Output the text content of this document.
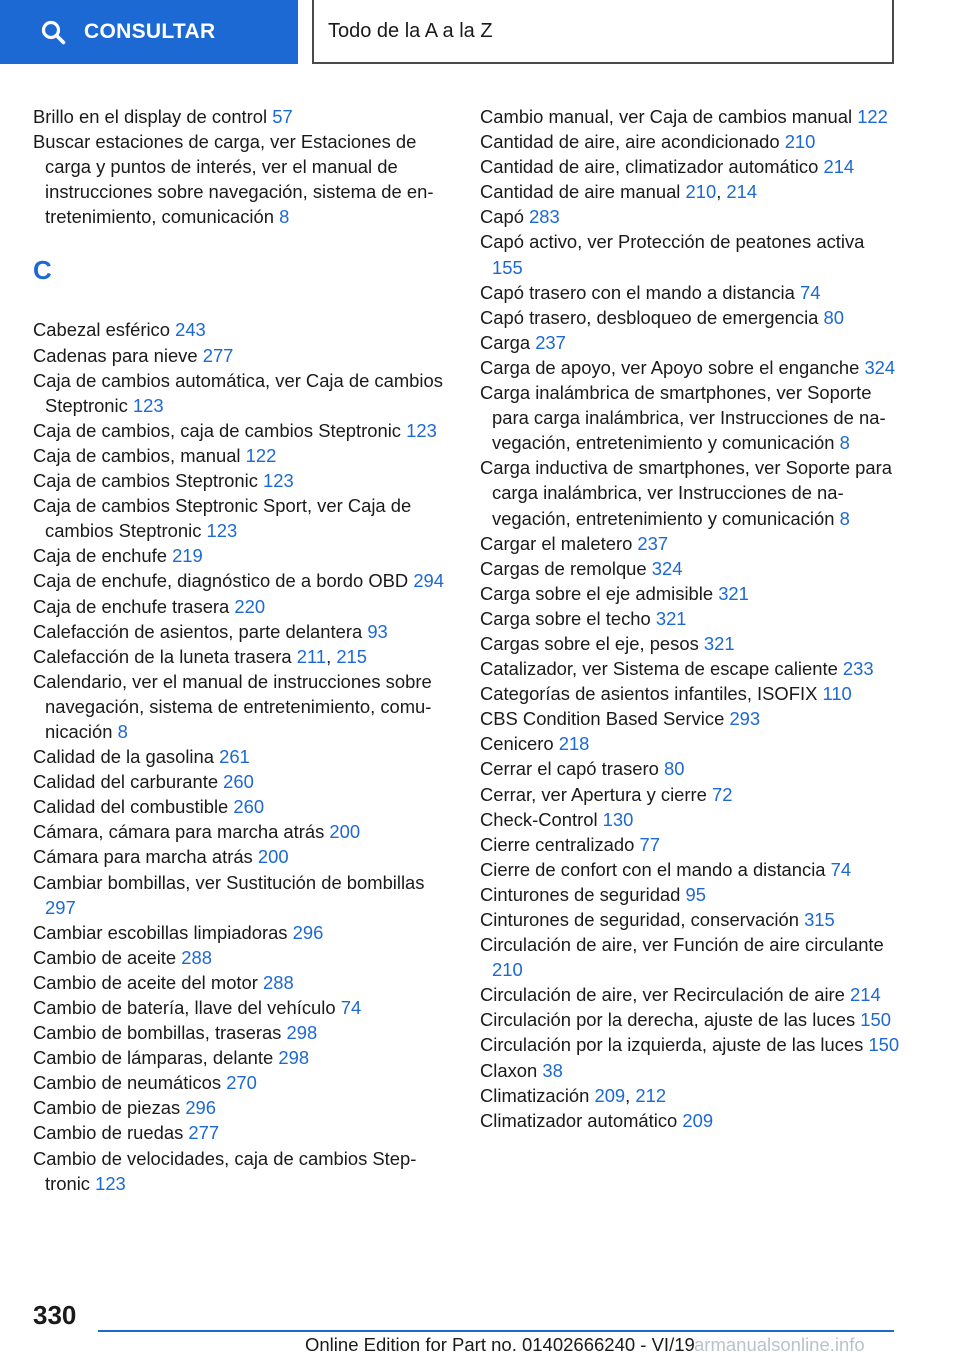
CONSULTAR	Todo de la A a la Z
Brillo en el display de control 57
Buscar estaciones de carga, ver Estaciones de carga y puntos de interés, ver el manual de instrucciones sobre navegación, sistema de entretenimiento, comunicación 8
C
Cabezal esférico 243
Cadenas para nieve 277
Caja de cambios automática, ver Caja de cambios Steptronic 123
Caja de cambios, caja de cambios Steptronic 123
Caja de cambios, manual 122
Caja de cambios Steptronic 123
Caja de cambios Steptronic Sport, ver Caja de cambios Steptronic 123
Caja de enchufe 219
Caja de enchufe, diagnóstico de a bordo OBD 294
Caja de enchufe trasera 220
Calefacción de asientos, parte delantera 93
Calefacción de la luneta trasera 211, 215
Calendario, ver el manual de instrucciones sobre navegación, sistema de entretenimiento, comunicación 8
Calidad de la gasolina 261
Calidad del carburante 260
Calidad del combustible 260
Cámara, cámara para marcha atrás 200
Cámara para marcha atrás 200
Cambiar bombillas, ver Sustitución de bombillas 297
Cambiar escobillas limpiadoras 296
Cambio de aceite 288
Cambio de aceite del motor 288
Cambio de batería, llave del vehículo 74
Cambio de bombillas, traseras 298
Cambio de lámparas, delante 298
Cambio de neumáticos 270
Cambio de piezas 296
Cambio de ruedas 277
Cambio de velocidades, caja de cambios Steptronic 123
Cambio manual, ver Caja de cambios manual 122
Cantidad de aire, aire acondicionado 210
Cantidad de aire, climatizador automático 214
Cantidad de aire manual 210, 214
Capó 283
Capó activo, ver Protección de peatones activa 155
Capó trasero con el mando a distancia 74
Capó trasero, desbloqueo de emergencia 80
Carga 237
Carga de apoyo, ver Apoyo sobre el enganche 324
Carga inalámbrica de smartphones, ver Soporte para carga inalámbrica, ver Instrucciones de navegación, entretenimiento y comunicación 8
Carga inductiva de smartphones, ver Soporte para carga inalámbrica, ver Instrucciones de navegación, entretenimiento y comunicación 8
Cargar el maletero 237
Cargas de remolque 324
Carga sobre el eje admisible 321
Carga sobre el techo 321
Cargas sobre el eje, pesos 321
Catalizador, ver Sistema de escape caliente 233
Categorías de asientos infantiles, ISOFIX 110
CBS Condition Based Service 293
Cenicero 218
Cerrar el capó trasero 80
Cerrar, ver Apertura y cierre 72
Check-Control 130
Cierre centralizado 77
Cierre de confort con el mando a distancia 74
Cinturones de seguridad 95
Cinturones de seguridad, conservación 315
Circulación de aire, ver Función de aire circulante 210
Circulación de aire, ver Recirculación de aire 214
Circulación por la derecha, ajuste de las luces 150
Circulación por la izquierda, ajuste de las luces 150
Claxon 38
Climatización 209, 212
Climatizador automático 209
330
Online Edition for Part no. 01402666240 - VI/19 armanualsonline.info
